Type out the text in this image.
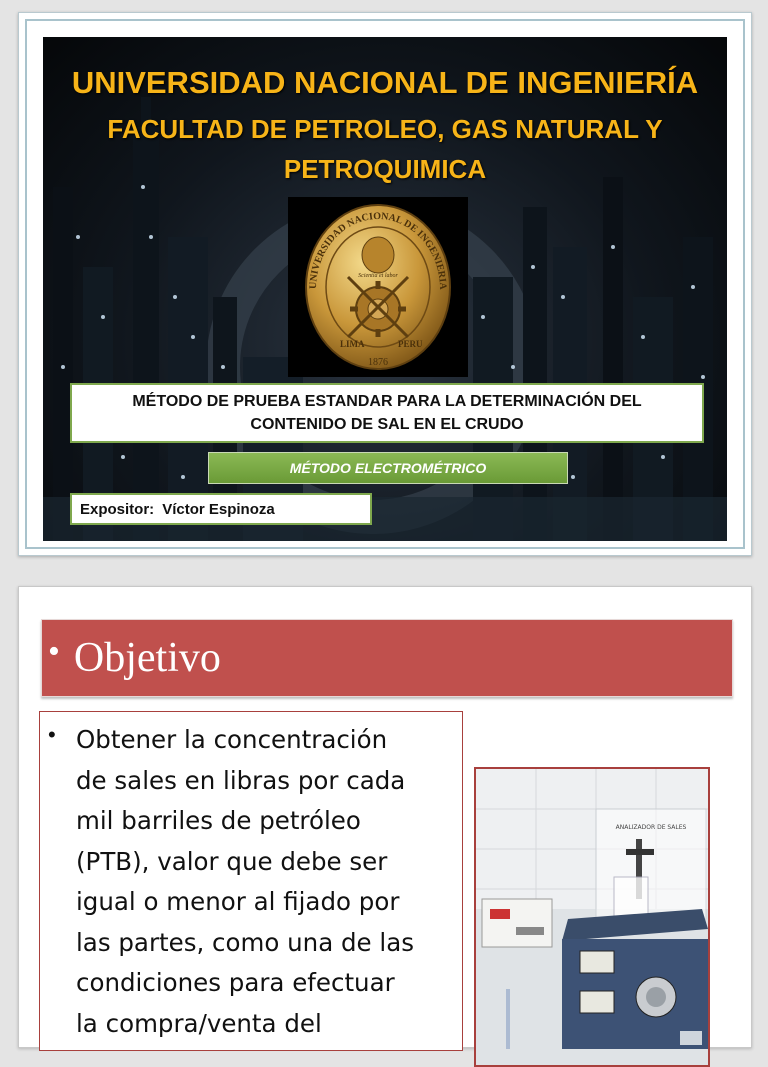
UNIVERSIDAD NACIONAL DE INGENIERÍA
FACULTAD DE PETROLEO, GAS NATURAL Y PETROQUIMICA
UNIVERSIDAD NACIONAL DE INGENIERIA
LIMA	PERU
1876
Scientia et labor
MÉTODO DE PRUEBA ESTANDAR PARA LA DETERMINACIÓN DEL CONTENIDO DE SAL EN EL CRUDO
MÉTODO ELECTROMÉTRICO
Expositor: Víctor Espinoza
• Objetivo
• Obtener la concentración
de sales en libras por cada
mil barriles de petróleo
(PTB), valor que debe ser
igual o menor al fijado por
las partes, como una de las
condiciones para efectuar
la compra/venta del
ANALIZADOR DE SALES
